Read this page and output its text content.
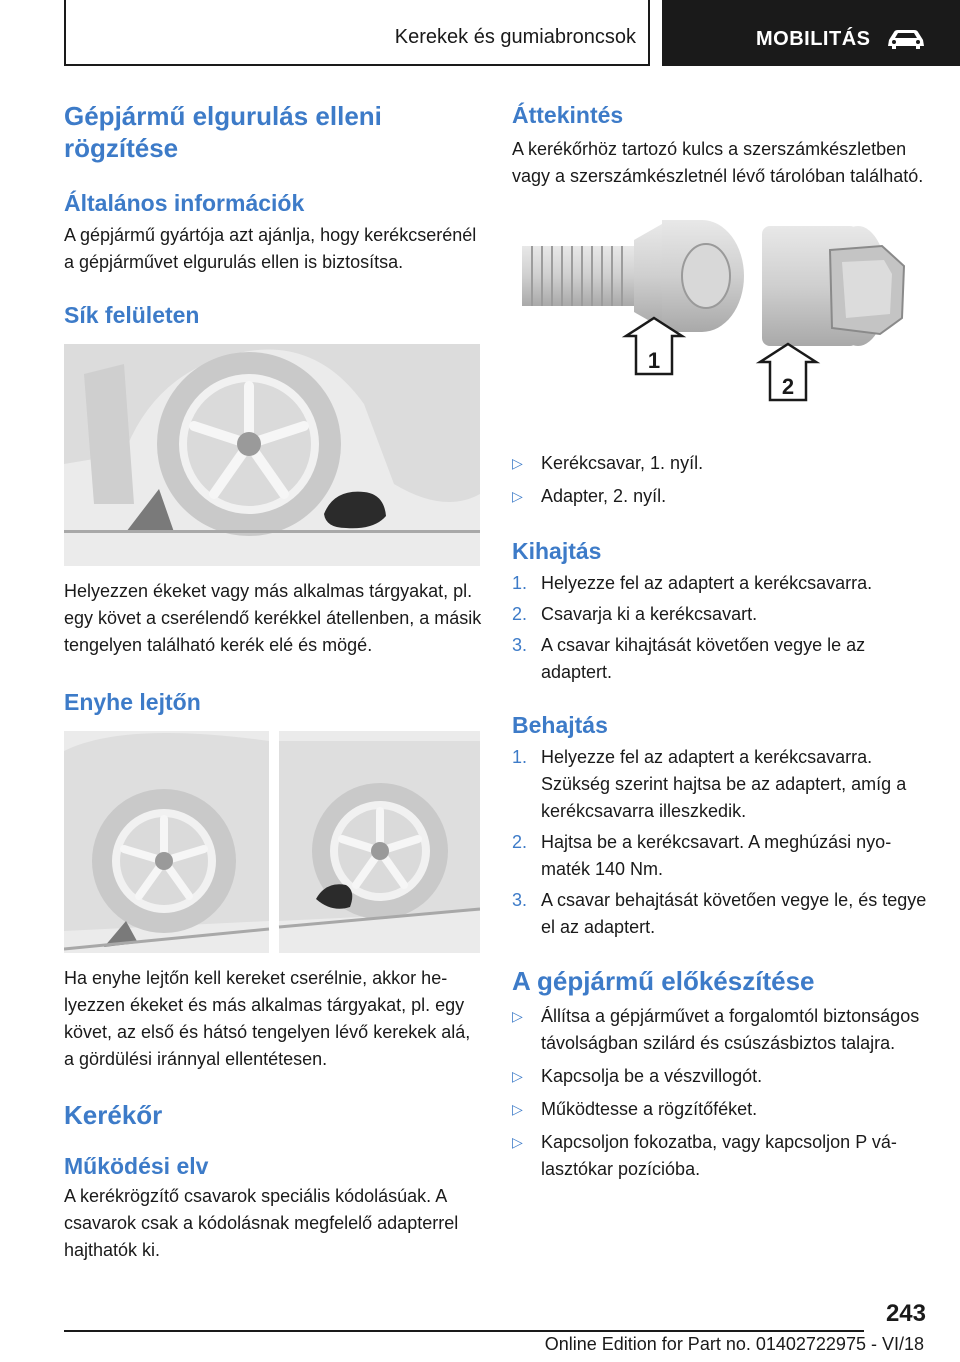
Kerekek és gumiabroncsok	MOBILITÁS
Gépjármű elgurulás elleni
rögzítése
Általános információk

A gépjármű gyártója azt ajánlja, hogy kerékcserénél a gépjárművet elgurulás ellen is biztosítsa.

Sík felületen

Helyezzen ékeket vagy más alkalmas tárgyakat, pl. egy követ a cserélendő kerékkel átellenben, a másik tengelyen található kerék elé és mögé.

Enyhe lejtőn

Ha enyhe lejtőn kell kereket cserélnie, akkor helyezzen ékeket és más alkalmas tárgyakat, pl. egy követ, az első és hátsó tengelyen lévő kerekek alá, a gördülési iránnyal ellentétesen.

Kerékőr
Működési elv

A kerékrögzítő csavarok speciális kódolásúak. A csavarok csak a kódolásnak megfelelő adapterrel hajthatók ki.

Áttekintés

A kerékőrhöz tartozó kulcs a szerszámkészletben vagy a szerszámkészletnél lévő tárolóban található.

1
2
▷	Kerékcsavar, 1. nyíl.
▷	Adapter, 2. nyíl.
Kihajtás
1. Helyezze fel az adaptert a kerékcsavarra.
2. Csavarja ki a kerékcsavart.
3. A csavar kihajtását követően vegye le az adaptert.
Behajtás
1. Helyezze fel az adaptert a kerékcsavarra. Szükség szerint hajtsa be az adaptert, amíg a kerékcsavarra illeszkedik.
2. Hajtsa be a kerékcsavart. A meghúzási nyomaték 140 Nm.
3. A csavar behajtását követően vegye le, és tegye el az adaptert.
A gépjármű előkészítése
▷	Állítsa a gépjárművet a forgalomtól biztonságos távolságban szilárd és csúszásbiztos talajra.
▷	Kapcsolja be a vészvillogót.
▷	Működtesse a rögzítőféket.
▷	Kapcsoljon fokozatba, vagy kapcsoljon P választókar pozícióba.
243
Online Edition for Part no. 01402722975 - VI/18
